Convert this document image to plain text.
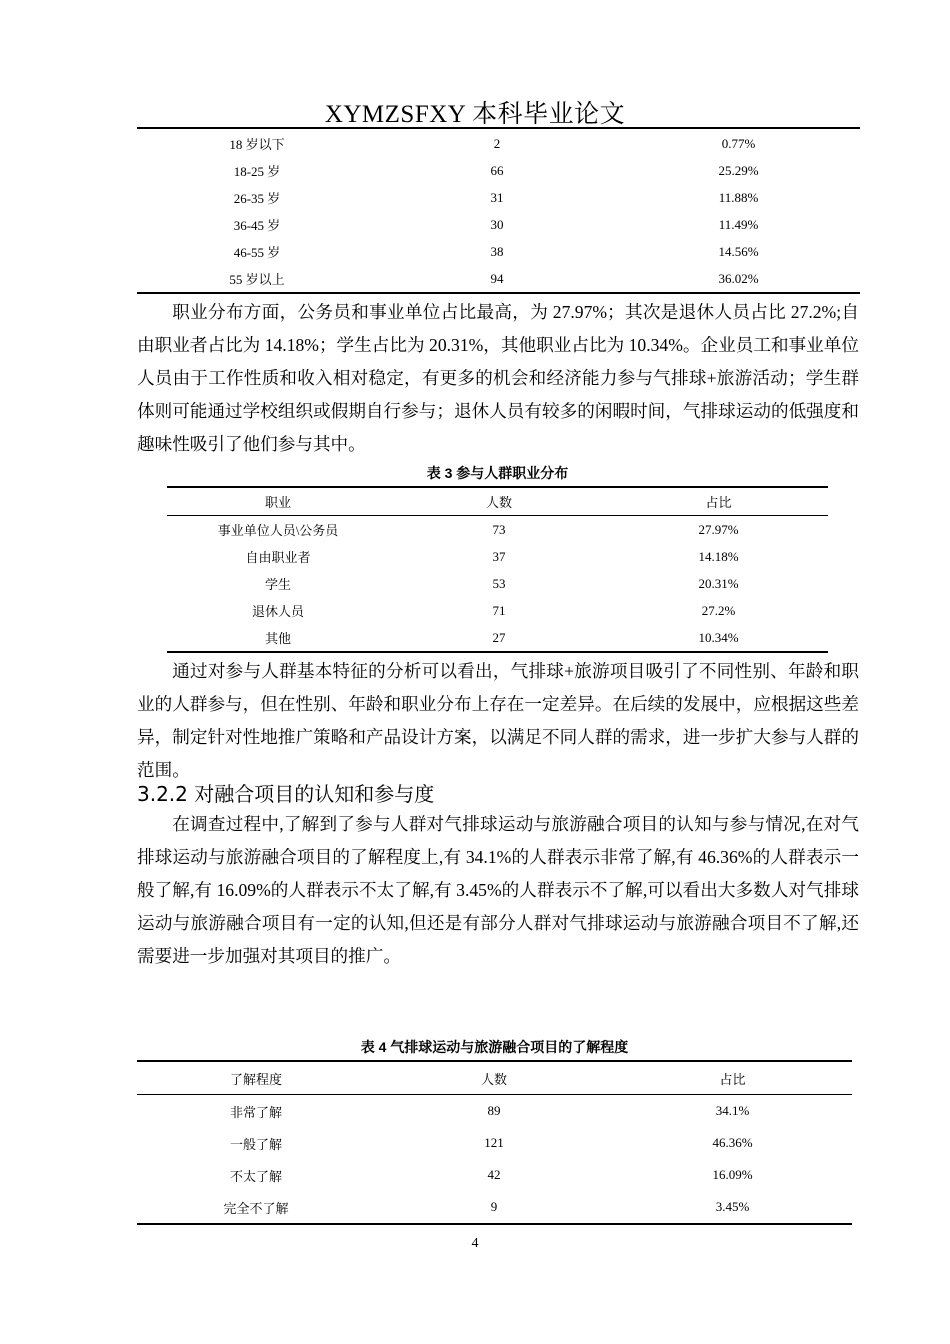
XYMZSFXY 本科毕业论文
18 岁以下	2	0.77%
18-25 岁	66	25.29%
26-35 岁	31	11.88%
36-45 岁	30	11.49%
46-55 岁	38	14.56%
55 岁以上	94	36.02%

职业分布方面，公务员和事业单位占比最高，为 27.97%；其次是退休人员占比 27.2%;自由职业者占比为 14.18%；学生占比为 20.31%，其他职业占比为 10.34%。企业员工和事业单位人员由于工作性质和收入相对稳定，有更多的机会和经济能力参与气排球+旅游活动；学生群体则可能通过学校组织或假期自行参与；退休人员有较多的闲暇时间，气排球运动的低强度和趣味性吸引了他们参与其中。

表 3 参与人群职业分布
职业	人数	占比
事业单位人员\公务员	73	27.97%
自由职业者	37	14.18%
学生	53	20.31%
退休人员	71	27.2%
其他	27	10.34%

通过对参与人群基本特征的分析可以看出，气排球+旅游项目吸引了不同性别、年龄和职业的人群参与，但在性别、年龄和职业分布上存在一定差异。在后续的发展中，应根据这些差异，制定针对性地推广策略和产品设计方案，以满足不同人群的需求，进一步扩大参与人群的范围。

3.2.2 对融合项目的认知和参与度

在调查过程中,了解到了参与人群对气排球运动与旅游融合项目的认知与参与情况,在对气排球运动与旅游融合项目的了解程度上,有 34.1%的人群表示非常了解,有 46.36%的人群表示一般了解,有 16.09%的人群表示不太了解,有 3.45%的人群表示不了解,可以看出大多数人对气排球运动与旅游融合项目有一定的认知,但还是有部分人群对气排球运动与旅游融合项目不了解,还需要进一步加强对其项目的推广。

表 4 气排球运动与旅游融合项目的了解程度
了解程度	人数	占比
非常了解	89	34.1%
一般了解	121	46.36%
不太了解	42	16.09%
完全不了解	9	3.45%
4
